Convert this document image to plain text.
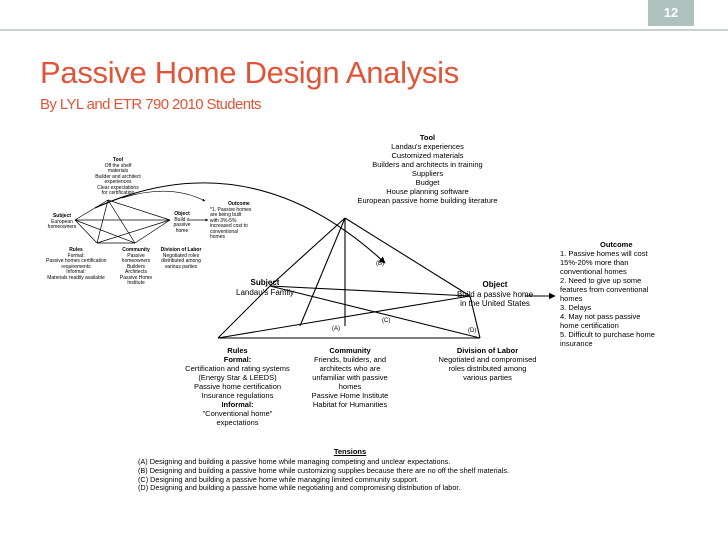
12
Passive Home Design Analysis
By LYL and ETR 790 2010 Students

Tool

Off the shelf

materials

Builder and architect

experiences

Clear expectations

for certification

Subject

European

homeowners

Object

Build a

passive

home

Outcome

*1. Passive homes

are being built

with 3%-5%

increased cost to

conventional

homes

Rules

Formal:

Passive homes certification

requirements

Informal:

Materials readily available

Community

Passive

homeowners

Builders

Architects

Passive Home

Institute

Division of Labor

Negotiated roles

distributed among

various parties

Tool

Landau's experiences

Customized materials

Builders and architects in training

Suppliers

Budget

House planning software

European passive home building literature

Subject

Landau's Family

Object

Build a passive home

in the United States

Outcome

1. Passive homes will cost

15%-20% more than

conventional homes

2. Need to give up some

features from conventional

homes

3. Delays

4. May not pass passive

home certification

5. Difficult to purchase home

insurance

Rules

Formal:

Certification and rating systems

(Energy Star & LEEDS)

Passive home certification

Insurance regulations

Informal:

"Conventional home"

expectations

Community

Friends, builders, and

architects who are

unfamiliar with passive

homes

Passive Home Institute

Habitat for Humanities

Division of Labor

Negotiated and compromised

roles distributed among

various parties

(A)
(B)
(C)
(D)
Tensions

(A) Designing and building a passive home while managing competing and unclear expectations.

(B) Designing and building a passive home while customizing supplies because there are no off the shelf materials.

(C) Designing and building a passive home while managing limited community support.

(D) Designing and building a passive home while negotiating and compromising distribution of labor.
